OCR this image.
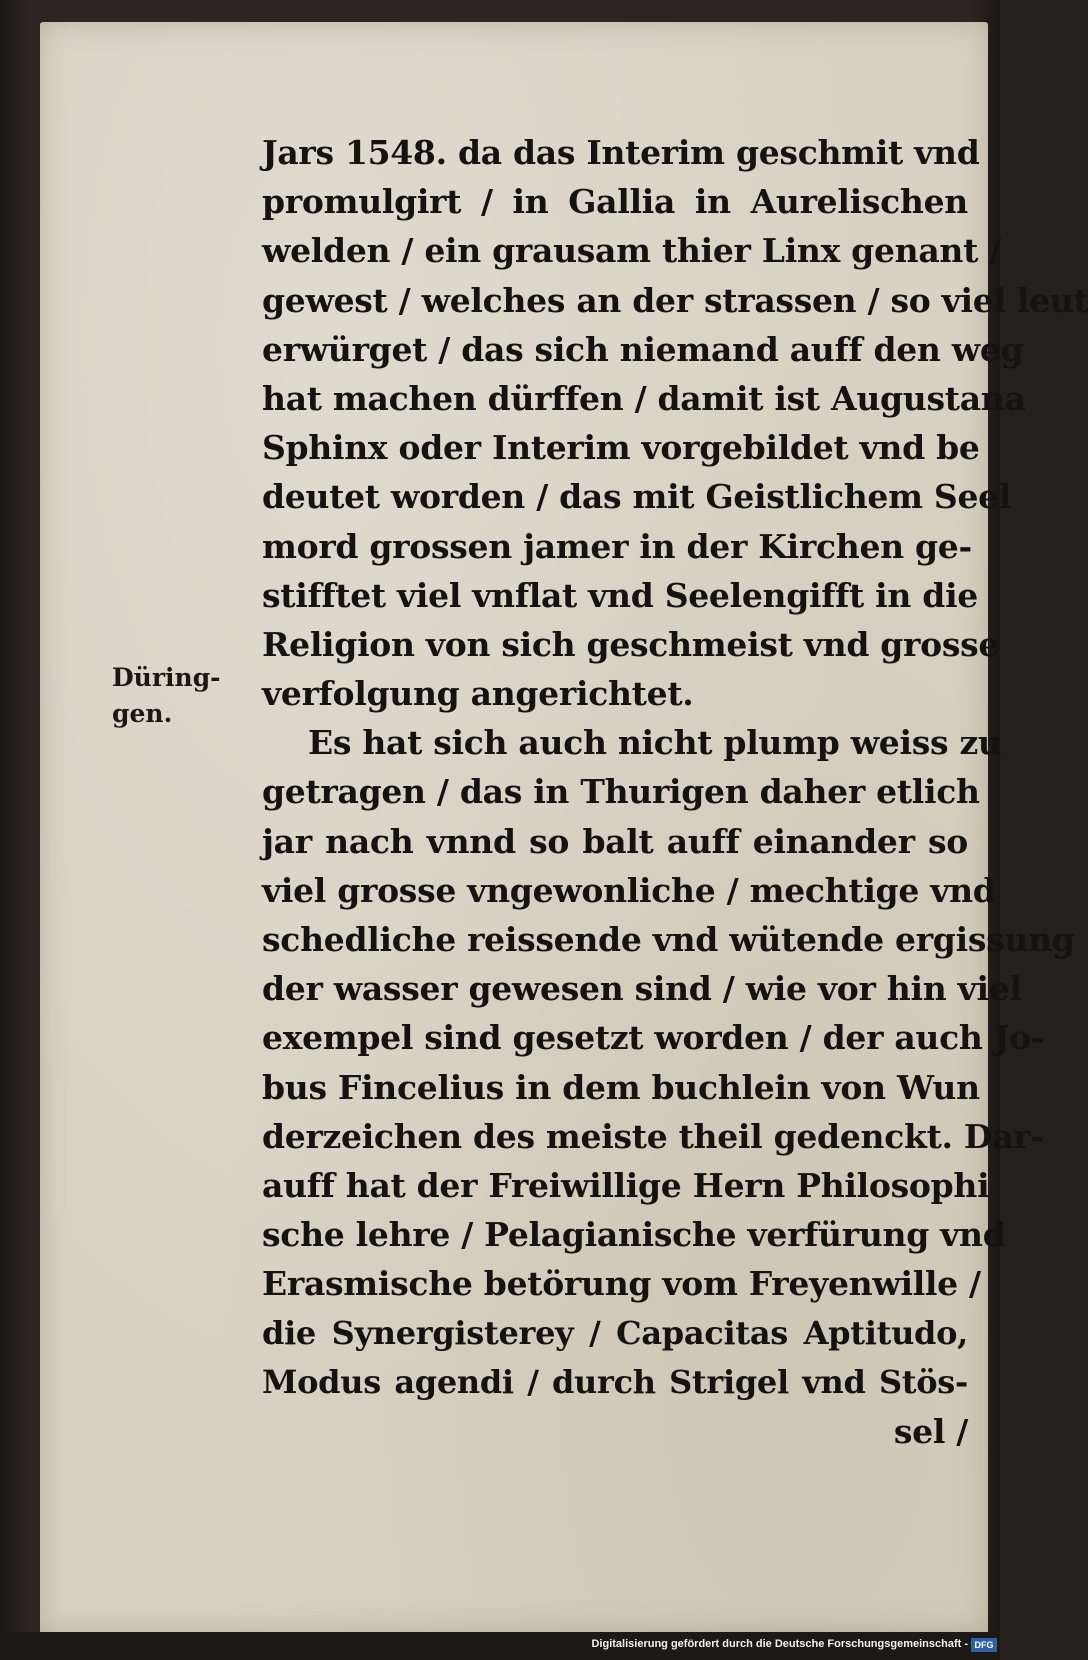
Düring-
gen.
Jars 1548. da das Interim geschmit vnd
promulgirt / in Gallia in Aurelischen
welden / ein grausam thier Linx genant /
gewest / welches an der strassen / so viel leut
erwürget / das sich niemand auff den weg
hat machen dürffen / damit ist Augustana
Sphinx oder Interim vorgebildet vnd be
deutet worden / das mit Geistlichem Seel
mord grossen jamer in der Kirchen ge-
stifftet viel vnflat vnd Seelengifft in die
Religion von sich geschmeist vnd grosse
verfolgung angerichtet.
Es hat sich auch nicht plump weiss zu
getragen / das in Thurigen daher etlich
jar nach vnnd so balt auff einander so
viel grosse vngewonliche / mechtige vnd
schedliche reissende vnd wütende ergissung
der wasser gewesen sind / wie vor hin viel
exempel sind gesetzt worden / der auch Jo-
bus Fincelius in dem buchlein von Wun
derzeichen des meiste theil gedenckt. Dar-
auff hat der Freiwillige Hern Philosophi
sche lehre / Pelagianische verfürung vnd
Erasmische betörung vom Freyenwille /
die Synergisterey / Capacitas Aptitudo,
Modus agendi / durch Strigel vnd Stös-
sel /
Digitalisierung gefördert durch die Deutsche Forschungsgemeinschaft - DFG
